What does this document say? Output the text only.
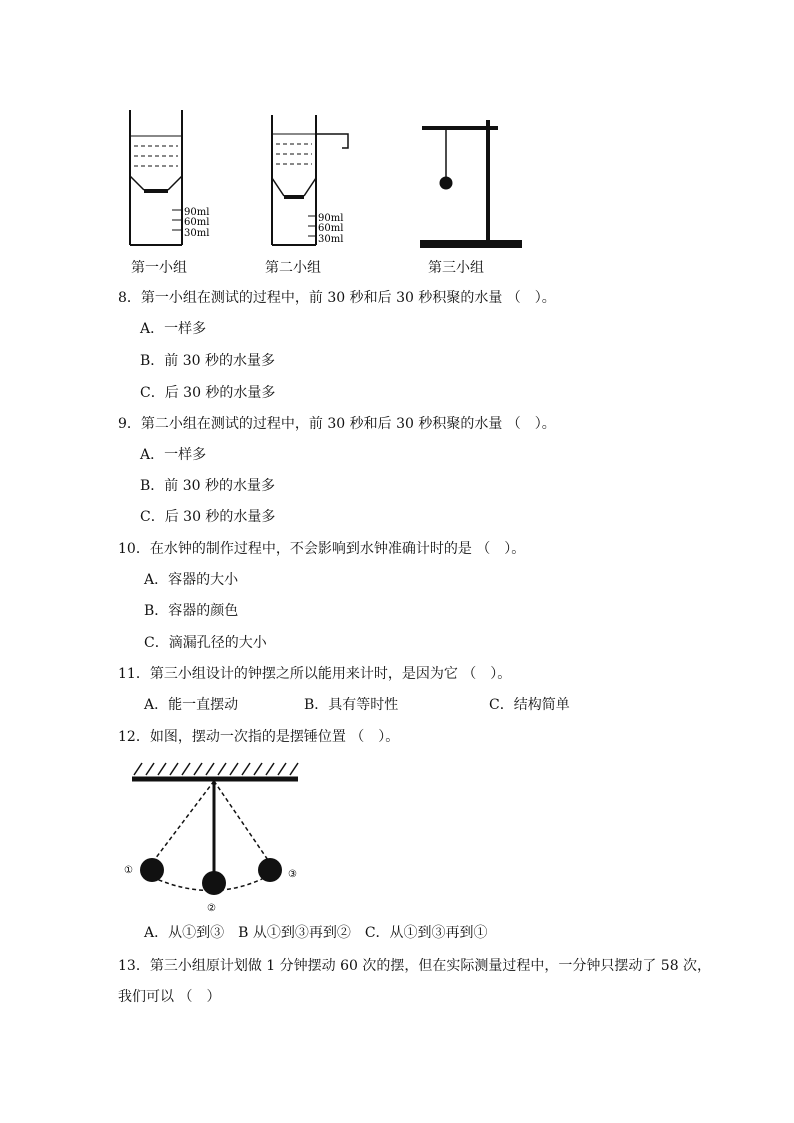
90ml
60ml
30ml
90ml
60ml
30ml
第一小组	第二小组	第三小组
8．第一小组在测试的过程中，前 30 秒和后 30 秒积聚的水量 （　）。
A．一样多
B．前 30 秒的水量多
C．后 30 秒的水量多
9．第二小组在测试的过程中，前 30 秒和后 30 秒积聚的水量 （　）。
A．一样多
B．前 30 秒的水量多
C．后 30 秒的水量多
10．在水钟的制作过程中，不会影响到水钟准确计时的是 （　）。
A．容器的大小
B．容器的颜色
C．滴漏孔径的大小
11．第三小组设计的钟摆之所以能用来计时，是因为它 （　）。
A．能一直摆动	B．具有等时性	C．结构简单
12．如图，摆动一次指的是摆锤位置 （　）。
①
②
③
A．从①到③　B 从①到③再到②　C．从①到③再到①
13．第三小组原计划做 1 分钟摆动 60 次的摆，但在实际测量过程中，一分钟只摆动了 58 次，
我们可以 （　）
